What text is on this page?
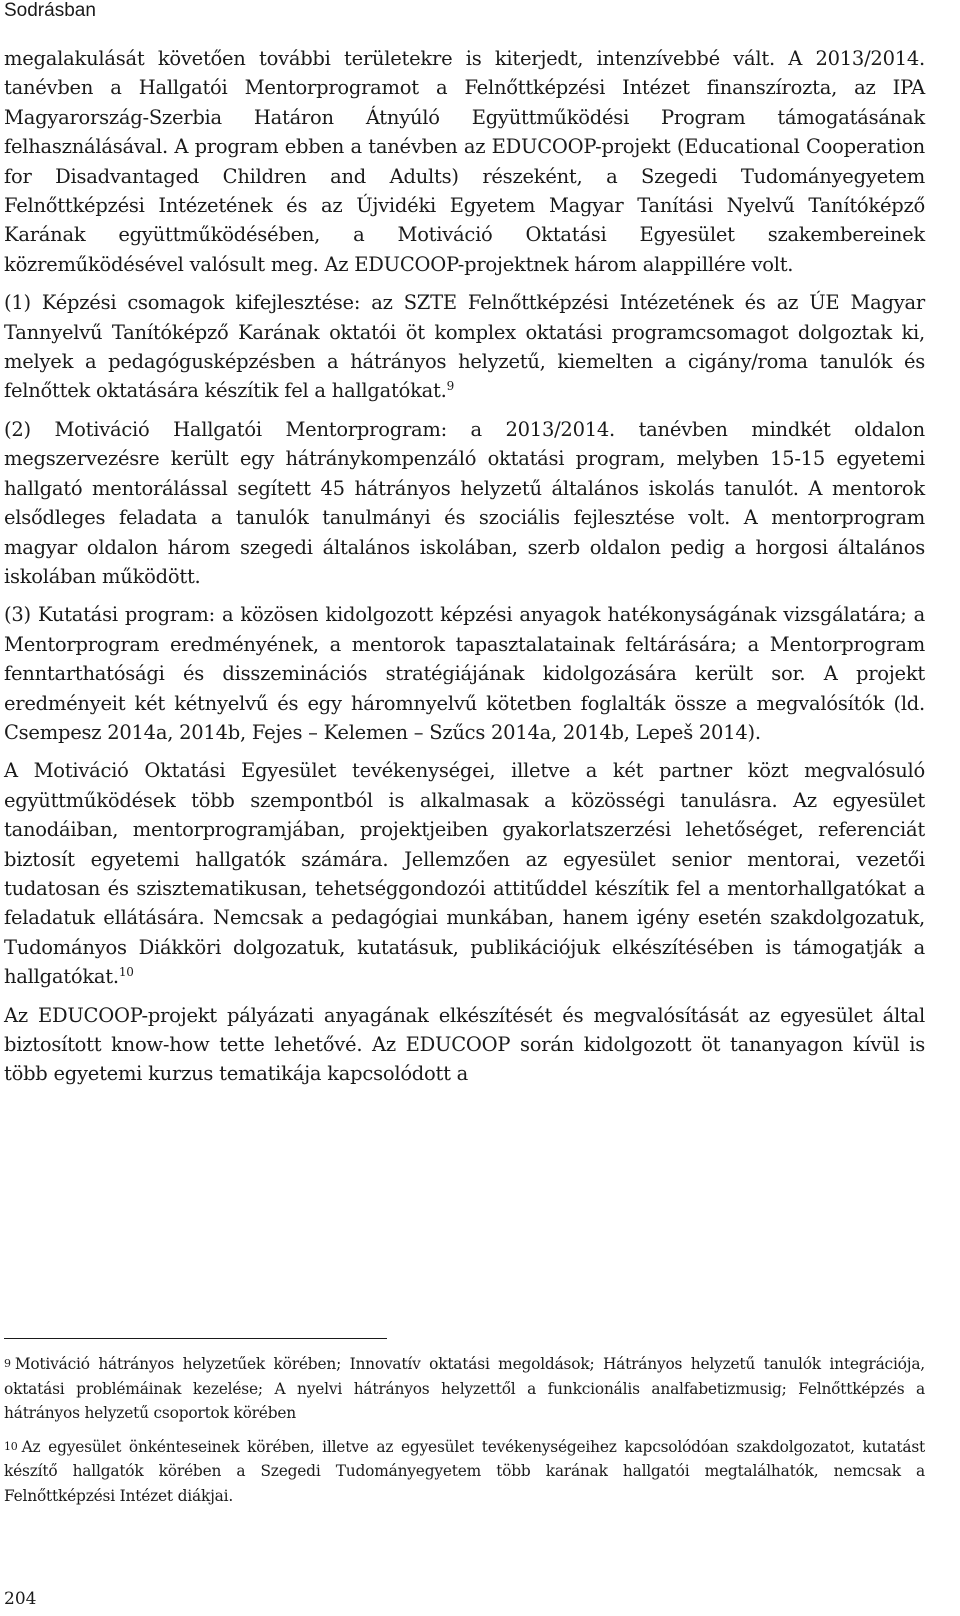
Sodrásban

megalakulását követően további területekre is kiterjedt, intenzívebbé vált. A 2013/2014. tanévben a Hallgatói Mentorprogramot a Felnőttképzési Intézet finanszírozta, az IPA Magyarország-Szerbia Határon Átnyúló Együttműködési Program támogatásának felhasználásával. A program ebben a tanévben az EDUCOOP-projekt (Educational Cooperation for Disadvantaged Children and Adults) részeként, a Szegedi Tudományegyetem Felnőttképzési Intézetének és az Újvidéki Egyetem Magyar Tanítási Nyelvű Tanítóképző Karának együttműködésében, a Motiváció Oktatási Egyesület szakembereinek közreműködésével valósult meg. Az EDUCOOP-projektnek három alappillére volt.

(1) Képzési csomagok kifejlesztése: az SZTE Felnőttképzési Intézetének és az ÚE Magyar Tannyelvű Tanítóképző Karának oktatói öt komplex oktatási programcsomagot dolgoztak ki, melyek a pedagógusképzésben a hátrányos helyzetű, kiemelten a cigány/roma tanulók és felnőttek oktatására készítik fel a hallgatókat.$^9$

(2) Motiváció Hallgatói Mentorprogram: a 2013/2014. tanévben mindkét oldalon megszervezésre került egy hátránykompenzáló oktatási program, melyben 15-15 egyetemi hallgató mentorálással segített 45 hátrányos helyzetű általános iskolás tanulót. A mentorok elsődleges feladata a tanulók tanulmányi és szociális fejlesztése volt. A mentorprogram magyar oldalon három szegedi általános iskolában, szerb oldalon pedig a horgosi általános iskolában működött.

(3) Kutatási program: a közösen kidolgozott képzési anyagok hatékonyságának vizsgálatára; a Mentorprogram eredményének, a mentorok tapasztalatainak feltárására; a Mentorprogram fenntarthatósági és disszeminációs stratégiájának kidolgozására került sor. A projekt eredményeit két kétnyelvű és egy háromnyelvű kötetben foglalták össze a megvalósítók (ld. Csempesz 2014a, 2014b, Fejes – Kelemen – Szűcs 2014a, 2014b, Lepeš 2014).

A Motiváció Oktatási Egyesület tevékenységei, illetve a két partner közt megvalósuló együttműködések több szempontból is alkalmasak a közösségi tanulásra. Az egyesület tanodáiban, mentorprogramjában, projektjeiben gyakorlatszerzési lehetőséget, referenciát biztosít egyetemi hallgatók számára. Jellemzően az egyesület senior mentorai, vezetői tudatosan és szisztematikusan, tehetséggondozói attitűddel készítik fel a mentorhallgatókat a feladatuk ellátására. Nemcsak a pedagógiai munkában, hanem igény esetén szakdolgozatuk, Tudományos Diákköri dolgozatuk, kutatásuk, publikációjuk elkészítésében is támogatják a hallgatókat.$^{10}$

Az EDUCOOP-projekt pályázati anyagának elkészítését és megvalósítását az egyesület által biztosított know-how tette lehetővé. Az EDUCOOP során kidolgozott öt tananyagon kívül is több egyetemi kurzus tematikája kapcsolódott a

9 Motiváció hátrányos helyzetűek körében; Innovatív oktatási megoldások; Hátrányos helyzetű tanulók integrációja, oktatási problémáinak kezelése; A nyelvi hátrányos helyzettől a funkcionális analfabetizmusig; Felnőttképzés a hátrányos helyzetű csoportok körében

10 Az egyesület önkénteseinek körében, illetve az egyesület tevékenységeihez kapcsolódóan szakdolgozatot, kutatást készítő hallgatók körében a Szegedi Tudományegyetem több karának hallgatói megtalálhatók, nemcsak a Felnőttképzési Intézet diákjai.

204
